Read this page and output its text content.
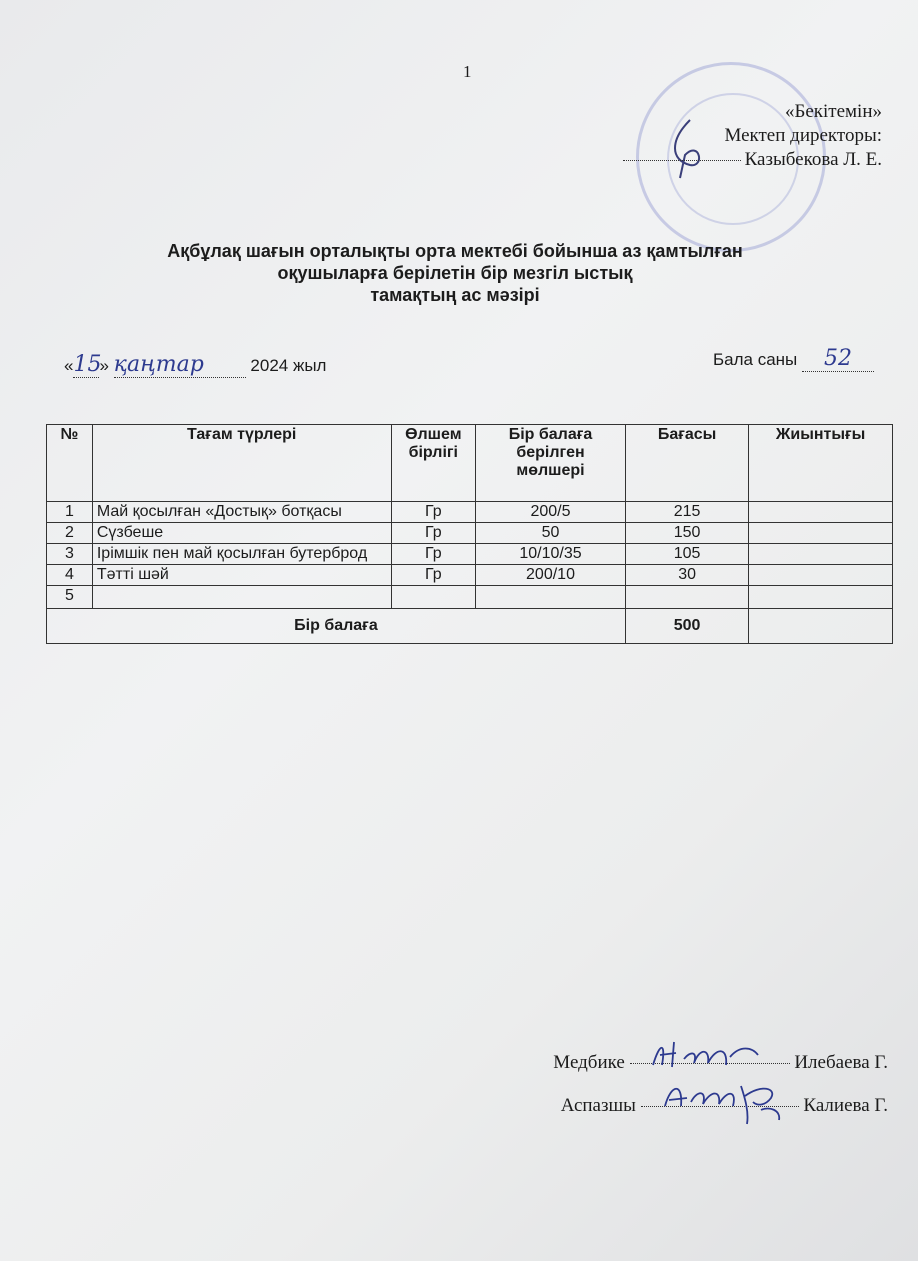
1
«Бекітемін»
Мектеп директоры:
Казыбекова Л. Е.
Ақбұлақ шағын орталықты орта мектебі бойынша аз қамтылған
оқушыларға берілетін бір мезгіл ыстық
тамақтың ас мәзірі
«15» қаңтар	2024 жыл	Бала саны 52
№	Тағам түрлері	Өлшем бірлігі	Бір балаға берілген мөлшері	Бағасы	Жиынтығы
1	Май қосылған «Достық» ботқасы	Гр	200/5	215	
2	Сүзбеше	Гр	50	150	
3	Ірімшік пен май қосылған бутерброд	Гр	10/10/35	105	
4	Тәтті шәй	Гр	200/10	30	
5					
Бір балаға				500	
Медбике	Илебаева Г.
Аспазшы	Калиева Г.
